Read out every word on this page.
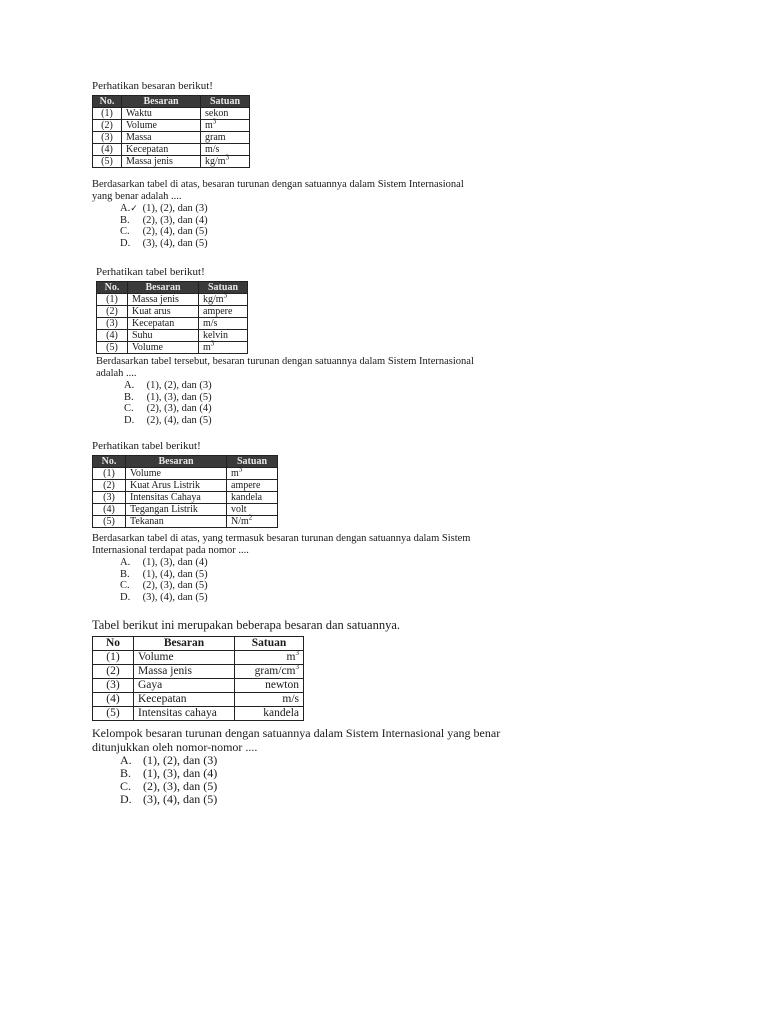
Perhatikan besaran berikut!

No.	Besaran	Satuan
(1)	Waktu	sekon
(2)	Volume	$m^3$
(3)	Massa	gram
(4)	Kecepatan	m/s
(5)	Massa jenis	$kg/m^3$

Berdasarkan tabel di atas, besaran turunan dengan satuannya dalam Sistem Internasional

yang benar adalah ....

A.✓ (1), (2), dan (3)
B. (2), (3), dan (4)
C. (2), (4), dan (5)
D. (3), (4), dan (5)

Perhatikan tabel berikut!

No.	Besaran	Satuan
(1)	Massa jenis	$kg/m^3$
(2)	Kuat arus	ampere
(3)	Kecepatan	m/s
(4)	Suhu	kelvin
(5)	Volume	$m^3$

Berdasarkan tabel tersebut, besaran turunan dengan satuannya dalam Sistem Internasional

adalah ....

A. (1), (2), dan (3)
B. (1), (3), dan (5)
C. (2), (3), dan (4)
D. (2), (4), dan (5)

Perhatikan tabel berikut!

No.	Besaran	Satuan
(1)	Volume	$m^3$
(2)	Kuat Arus Listrik	ampere
(3)	Intensitas Cahaya	kandela
(4)	Tegangan Listrik	volt
(5)	Tekanan	$N/m^2$

Berdasarkan tabel di atas, yang termasuk besaran turunan dengan satuannya dalam Sistem

Internasional terdapat pada nomor ....

A. (1), (3), dan (4)
B. (1), (4), dan (5)
C. (2), (3), dan (5)
D. (3), (4), dan (5)

Tabel berikut ini merupakan beberapa besaran dan satuannya.

No	Besaran	Satuan
(1)	Volume	$m^3$
(2)	Massa jenis	gram/$cm^3$
(3)	Gaya	newton
(4)	Kecepatan	m/s
(5)	Intensitas cahaya	kandela

Kelompok besaran turunan dengan satuannya dalam Sistem Internasional yang benar

ditunjukkan oleh nomor-nomor ....

A. (1), (2), dan (3)
B. (1), (3), dan (4)
C. (2), (3), dan (5)
D. (3), (4), dan (5)
